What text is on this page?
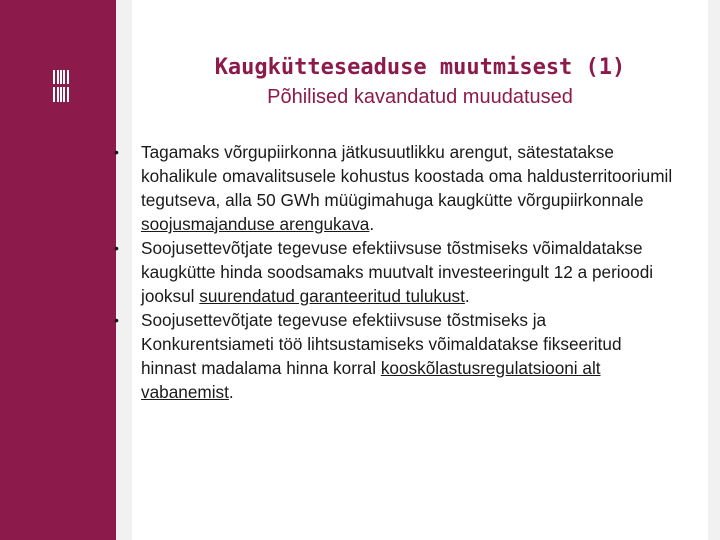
Kaugkütteseaduse muutmisest (1)
Põhilised kavandatud muudatused
• Tagamaks võrgupiirkonna jätkusuutlikku arengut, sätestatakse kohalikule omavalitsusele kohustus koostada oma haldusterritooriumil tegutseva, alla 50 GWh müügimahuga kaugkütte võrgupiirkonnale soojusmajanduse arengukava.
• Soojusettevõtjate tegevuse efektiivsuse tõstmiseks võimaldatakse kaugkütte hinda soodsamaks muutvalt investeeringult 12 a perioodi jooksul suurendatud garanteeritud tulukust.
• Soojusettevõtjate tegevuse efektiivsuse tõstmiseks ja Konkurentsiameti töö lihtsustamiseks võimaldatakse fikseeritud hinnast madalama hinna korral kooskõlastusregulatsiooni alt vabanemist.
